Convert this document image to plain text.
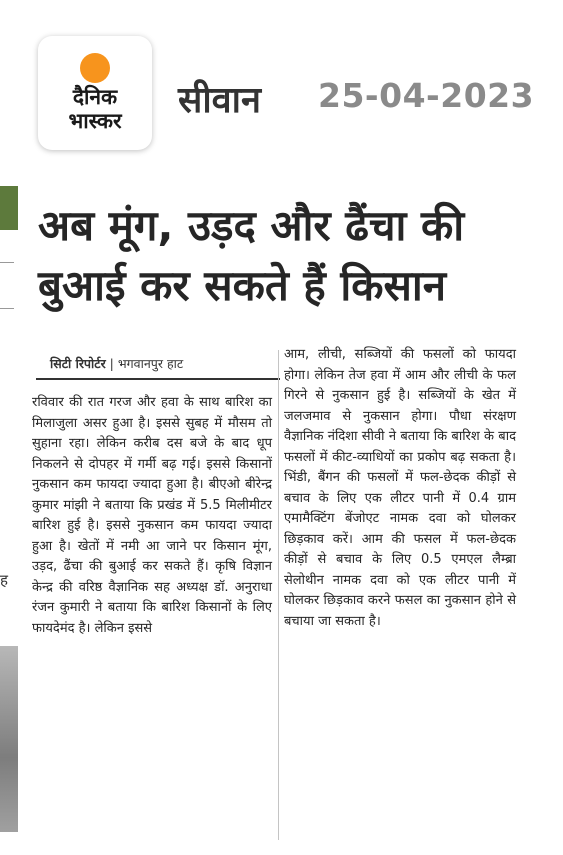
दैनिक
भास्कर सीवान 25-04-2023
ह
अब मूंग, उड़द और ढैंचा की
बुआई कर सकते हैं किसान
सिटी रिपोर्टर | भगवानपुर हाट

रविवार की रात गरज और हवा के साथ बारिश का मिलाजुला असर हुआ है। इससे सुबह में मौसम तो सुहाना रहा। लेकिन करीब दस बजे के बाद धूप निकलने से दोपहर में गर्मी बढ़ गई। इससे किसानों नुकसान कम फायदा ज्यादा हुआ है। बीएओ बीरेन्द्र कुमार मांझी ने बताया कि प्रखंड में 5.5 मिलीमीटर बारिश हुई है। इससे नुकसान कम फायदा ज्यादा हुआ है। खेतों में नमी आ जाने पर किसान मूंग, उड़द, ढैंचा की बुआई कर सकते हैं। कृषि विज्ञान केन्द्र की वरिष्ठ वैज्ञानिक सह अध्यक्ष डॉ. अनुराधा रंजन कुमारी ने बताया कि बारिश किसानों के लिए फायदेमंद है। लेकिन इससे

आम, लीची, सब्जियों की फसलों को फायदा होगा। लेकिन तेज हवा में आम और लीची के फल गिरने से नुकसान हुई है। सब्जियों के खेत में जलजमाव से नुकसान होगा। पौधा संरक्षण वैज्ञानिक नंदिशा सीवी ने बताया कि बारिश के बाद फसलों में कीट-व्याधियों का प्रकोप बढ़ सकता है। भिंडी, बैंगन की फसलों में फल-छेदक कीड़ों से बचाव के लिए एक लीटर पानी में 0.4 ग्राम एमामैक्टिंग बेंजोएट नामक दवा को घोलकर छिड़काव करें। आम की फसल में फल-छेदक कीड़ों से बचाव के लिए 0.5 एमएल लैम्ब्रा सेलोथीन नामक दवा को एक लीटर पानी में घोलकर छिड़काव करने फसल का नुकसान होने से बचाया जा सकता है।
